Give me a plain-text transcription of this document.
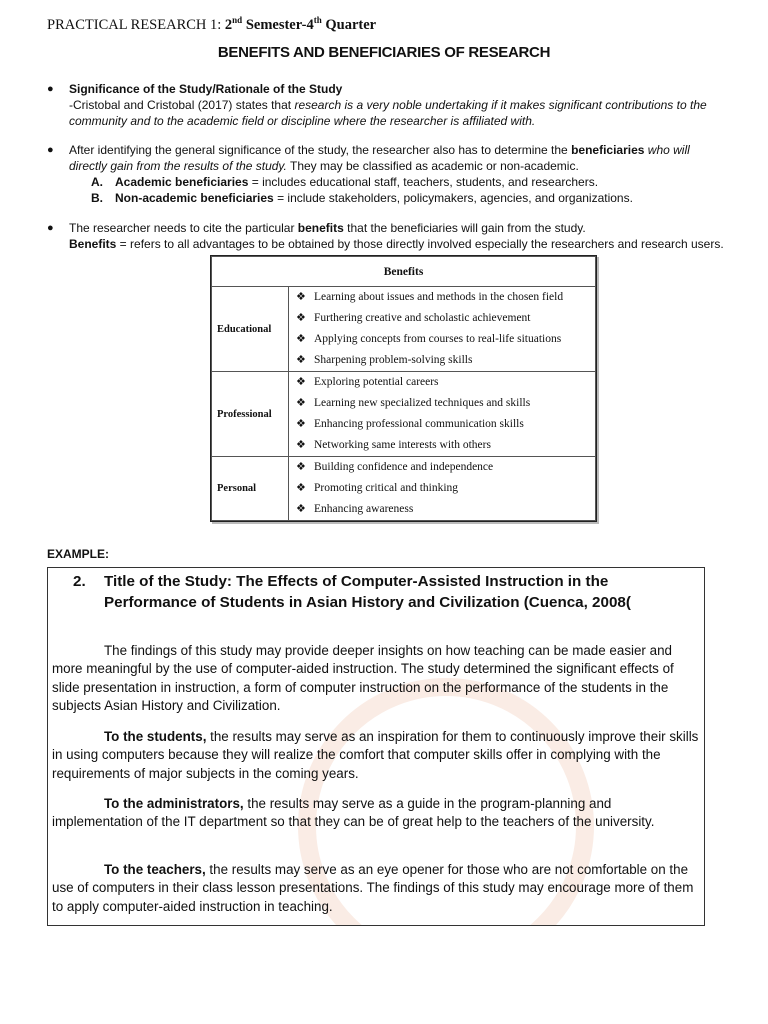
PRACTICAL RESEARCH 1: 2nd Semester-4th Quarter
BENEFITS AND BENEFICIARIES OF RESEARCH
● Significance of the Study/Rationale of the Study
-Cristobal and Cristobal (2017) states that research is a very noble undertaking if it makes significant contributions to the community and to the academic field or discipline where the researcher is affiliated with.
● After identifying the general significance of the study, the researcher also has to determine the beneficiaries who will directly gain from the results of the study. They may be classified as academic or non-academic.
A. Academic beneficiaries = includes educational staff, teachers, students, and researchers.
B. Non-academic beneficiaries = include stakeholders, policymakers, agencies, and organizations.
● The researcher needs to cite the particular benefits that the beneficiaries will gain from the study.
Benefits = refers to all advantages to be obtained by those directly involved especially the researchers and research users.
Benefits	
Educational	❖ Learning about issues and methods in the chosen field
❖ Furthering creative and scholastic achievement
❖ Applying concepts from courses to real-life situations
❖ Sharpening problem-solving skills

Professional	❖ Exploring potential careers
❖ Learning new specialized techniques and skills
❖ Enhancing professional communication skills
❖ Networking same interests with others

Personal	❖ Building confidence and independence
❖ Promoting critical and thinking
❖ Enhancing awareness
EXAMPLE:
2. Title of the Study: The Effects of Computer-Assisted Instruction in the
Performance of Students in Asian History and Civilization (Cuenca, 2008(
The findings of this study may provide deeper insights on how teaching can be made easier and more meaningful by the use of computer-aided instruction. The study determined the significant effects of slide presentation in instruction, a form of computer instruction on the performance of the students in the subjects Asian History and Civilization.
To the students, the results may serve as an inspiration for them to continuously improve their skills in using computers because they will realize the comfort that computer skills offer in complying with the requirements of major subjects in the coming years.
To the administrators, the results may serve as a guide in the program-planning and implementation of the IT department so that they can be of great help to the teachers of the university.
To the teachers, the results may serve as an eye opener for those who are not comfortable on the use of computers in their class lesson presentations. The findings of this study may encourage more of them to apply computer-aided instruction in teaching.
